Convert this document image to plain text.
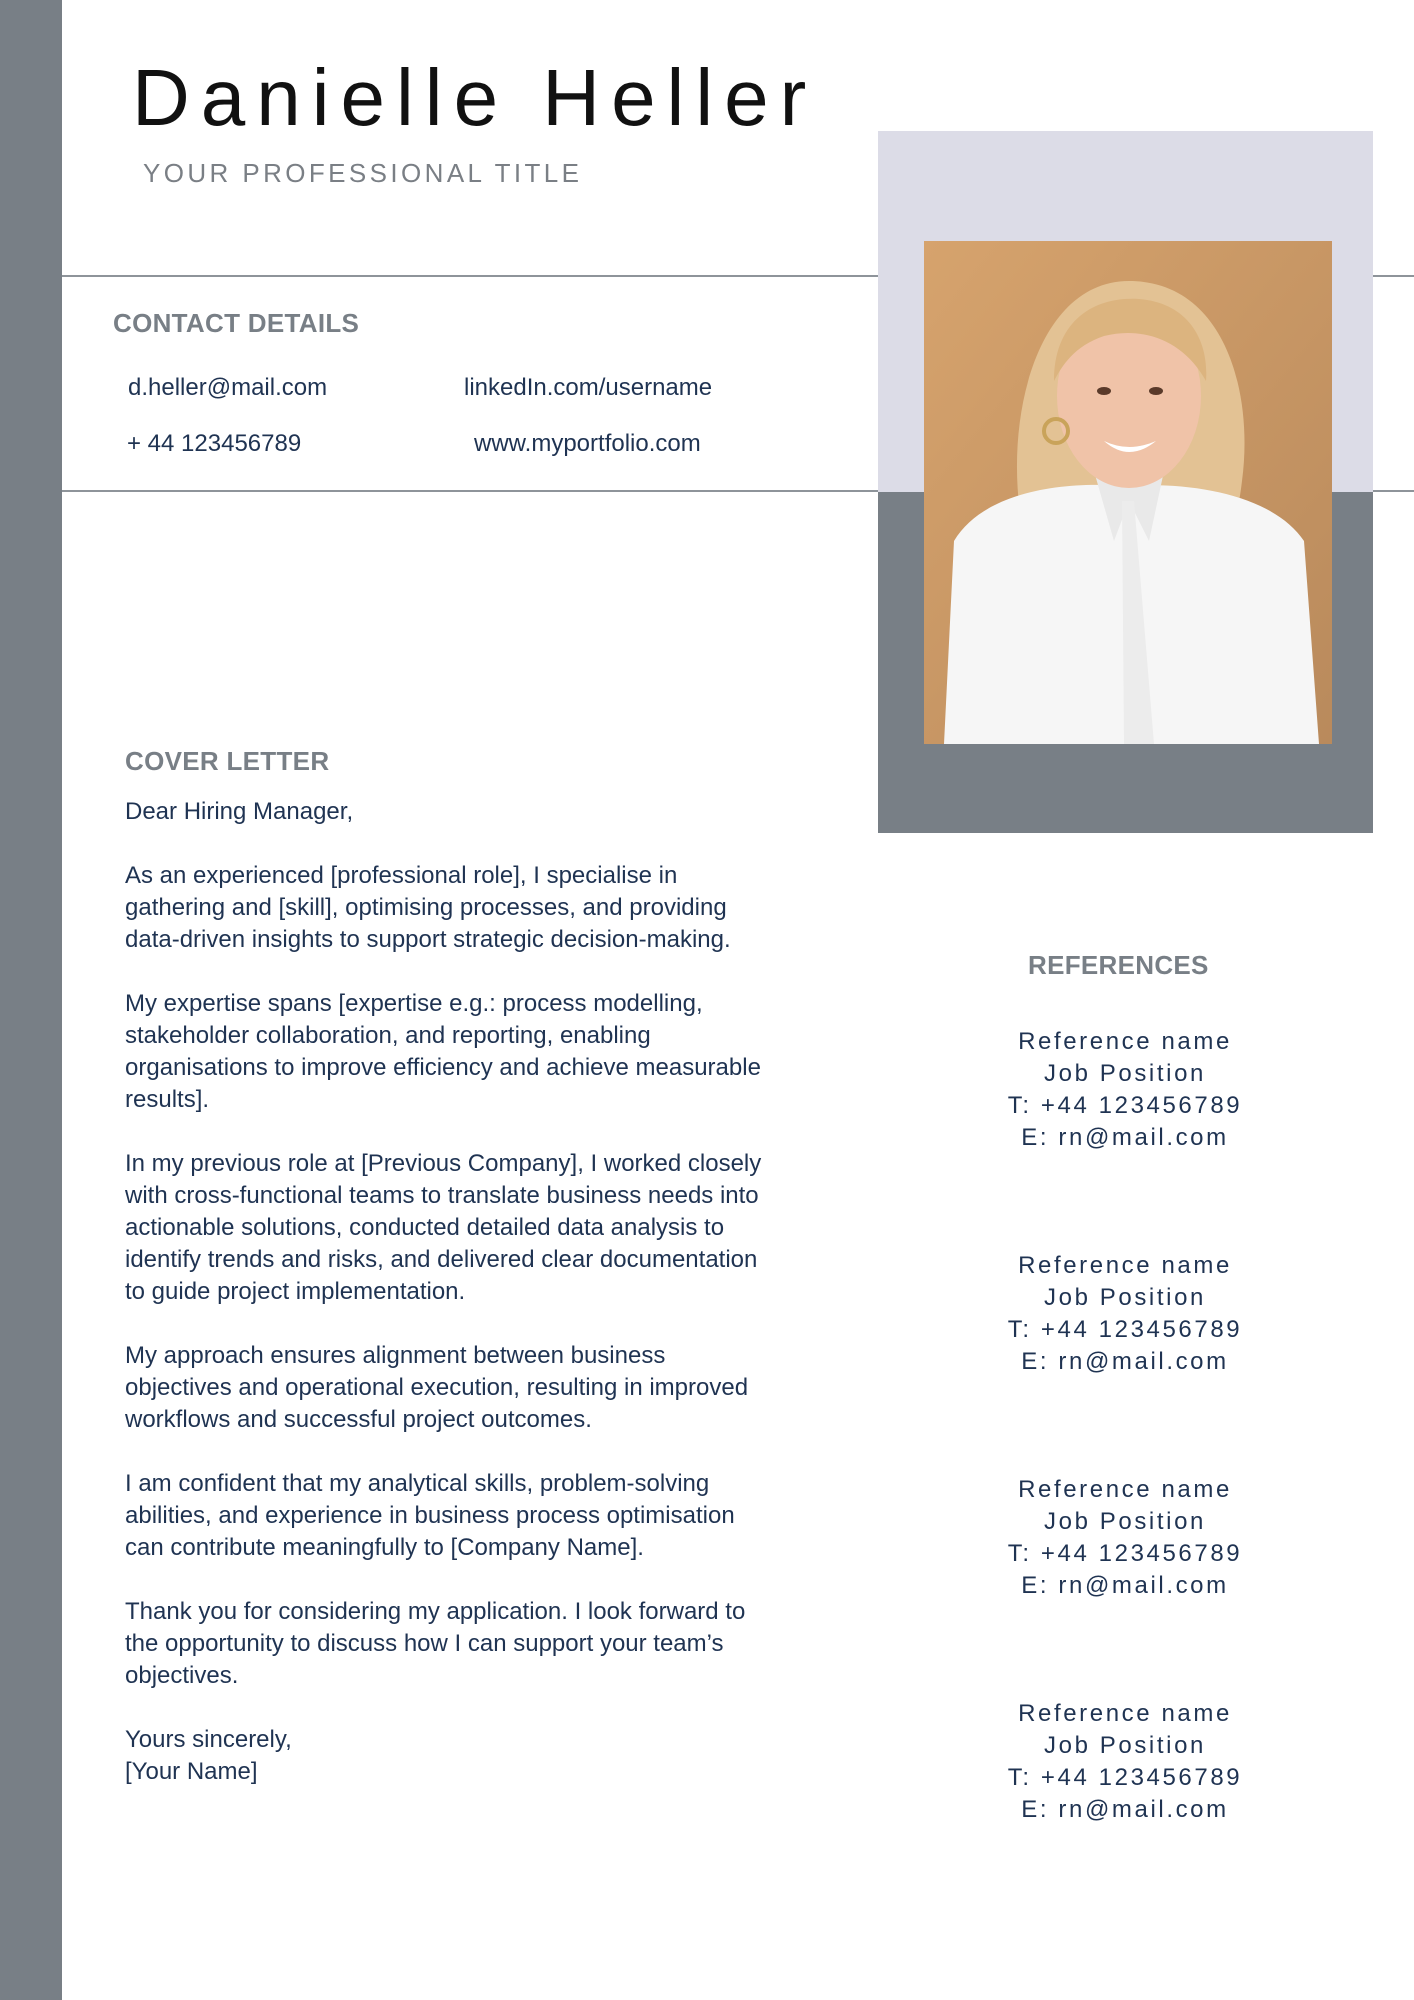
Danielle Heller
YOUR PROFESSIONAL TITLE
CONTACT DETAILS
d.heller@mail.com
+ 44 123456789
linkedIn.com/username
www.myportfolio.com
COVER LETTER

Dear Hiring Manager,

As an experienced [professional role], I specialise in
gathering and [skill], optimising processes, and providing
data-driven insights to support strategic decision-making.

My expertise spans [expertise e.g.: process modelling,
stakeholder collaboration, and reporting, enabling
organisations to improve efficiency and achieve measurable
results].

In my previous role at [Previous Company], I worked closely
with cross-functional teams to translate business needs into
actionable solutions, conducted detailed data analysis to
identify trends and risks, and delivered clear documentation
to guide project implementation.

My approach ensures alignment between business
objectives and operational execution, resulting in improved
workflows and successful project outcomes.

I am confident that my analytical skills, problem-solving
abilities, and experience in business process optimisation
can contribute meaningfully to [Company Name].

Thank you for considering my application. I look forward to
the opportunity to discuss how I can support your team’s
objectives.

Yours sincerely,
[Your Name]

REFERENCES
Reference name
Job Position
T: +44 123456789
E: rn@mail.com
Reference name
Job Position
T: +44 123456789
E: rn@mail.com
Reference name
Job Position
T: +44 123456789
E: rn@mail.com
Reference name
Job Position
T: +44 123456789
E: rn@mail.com
